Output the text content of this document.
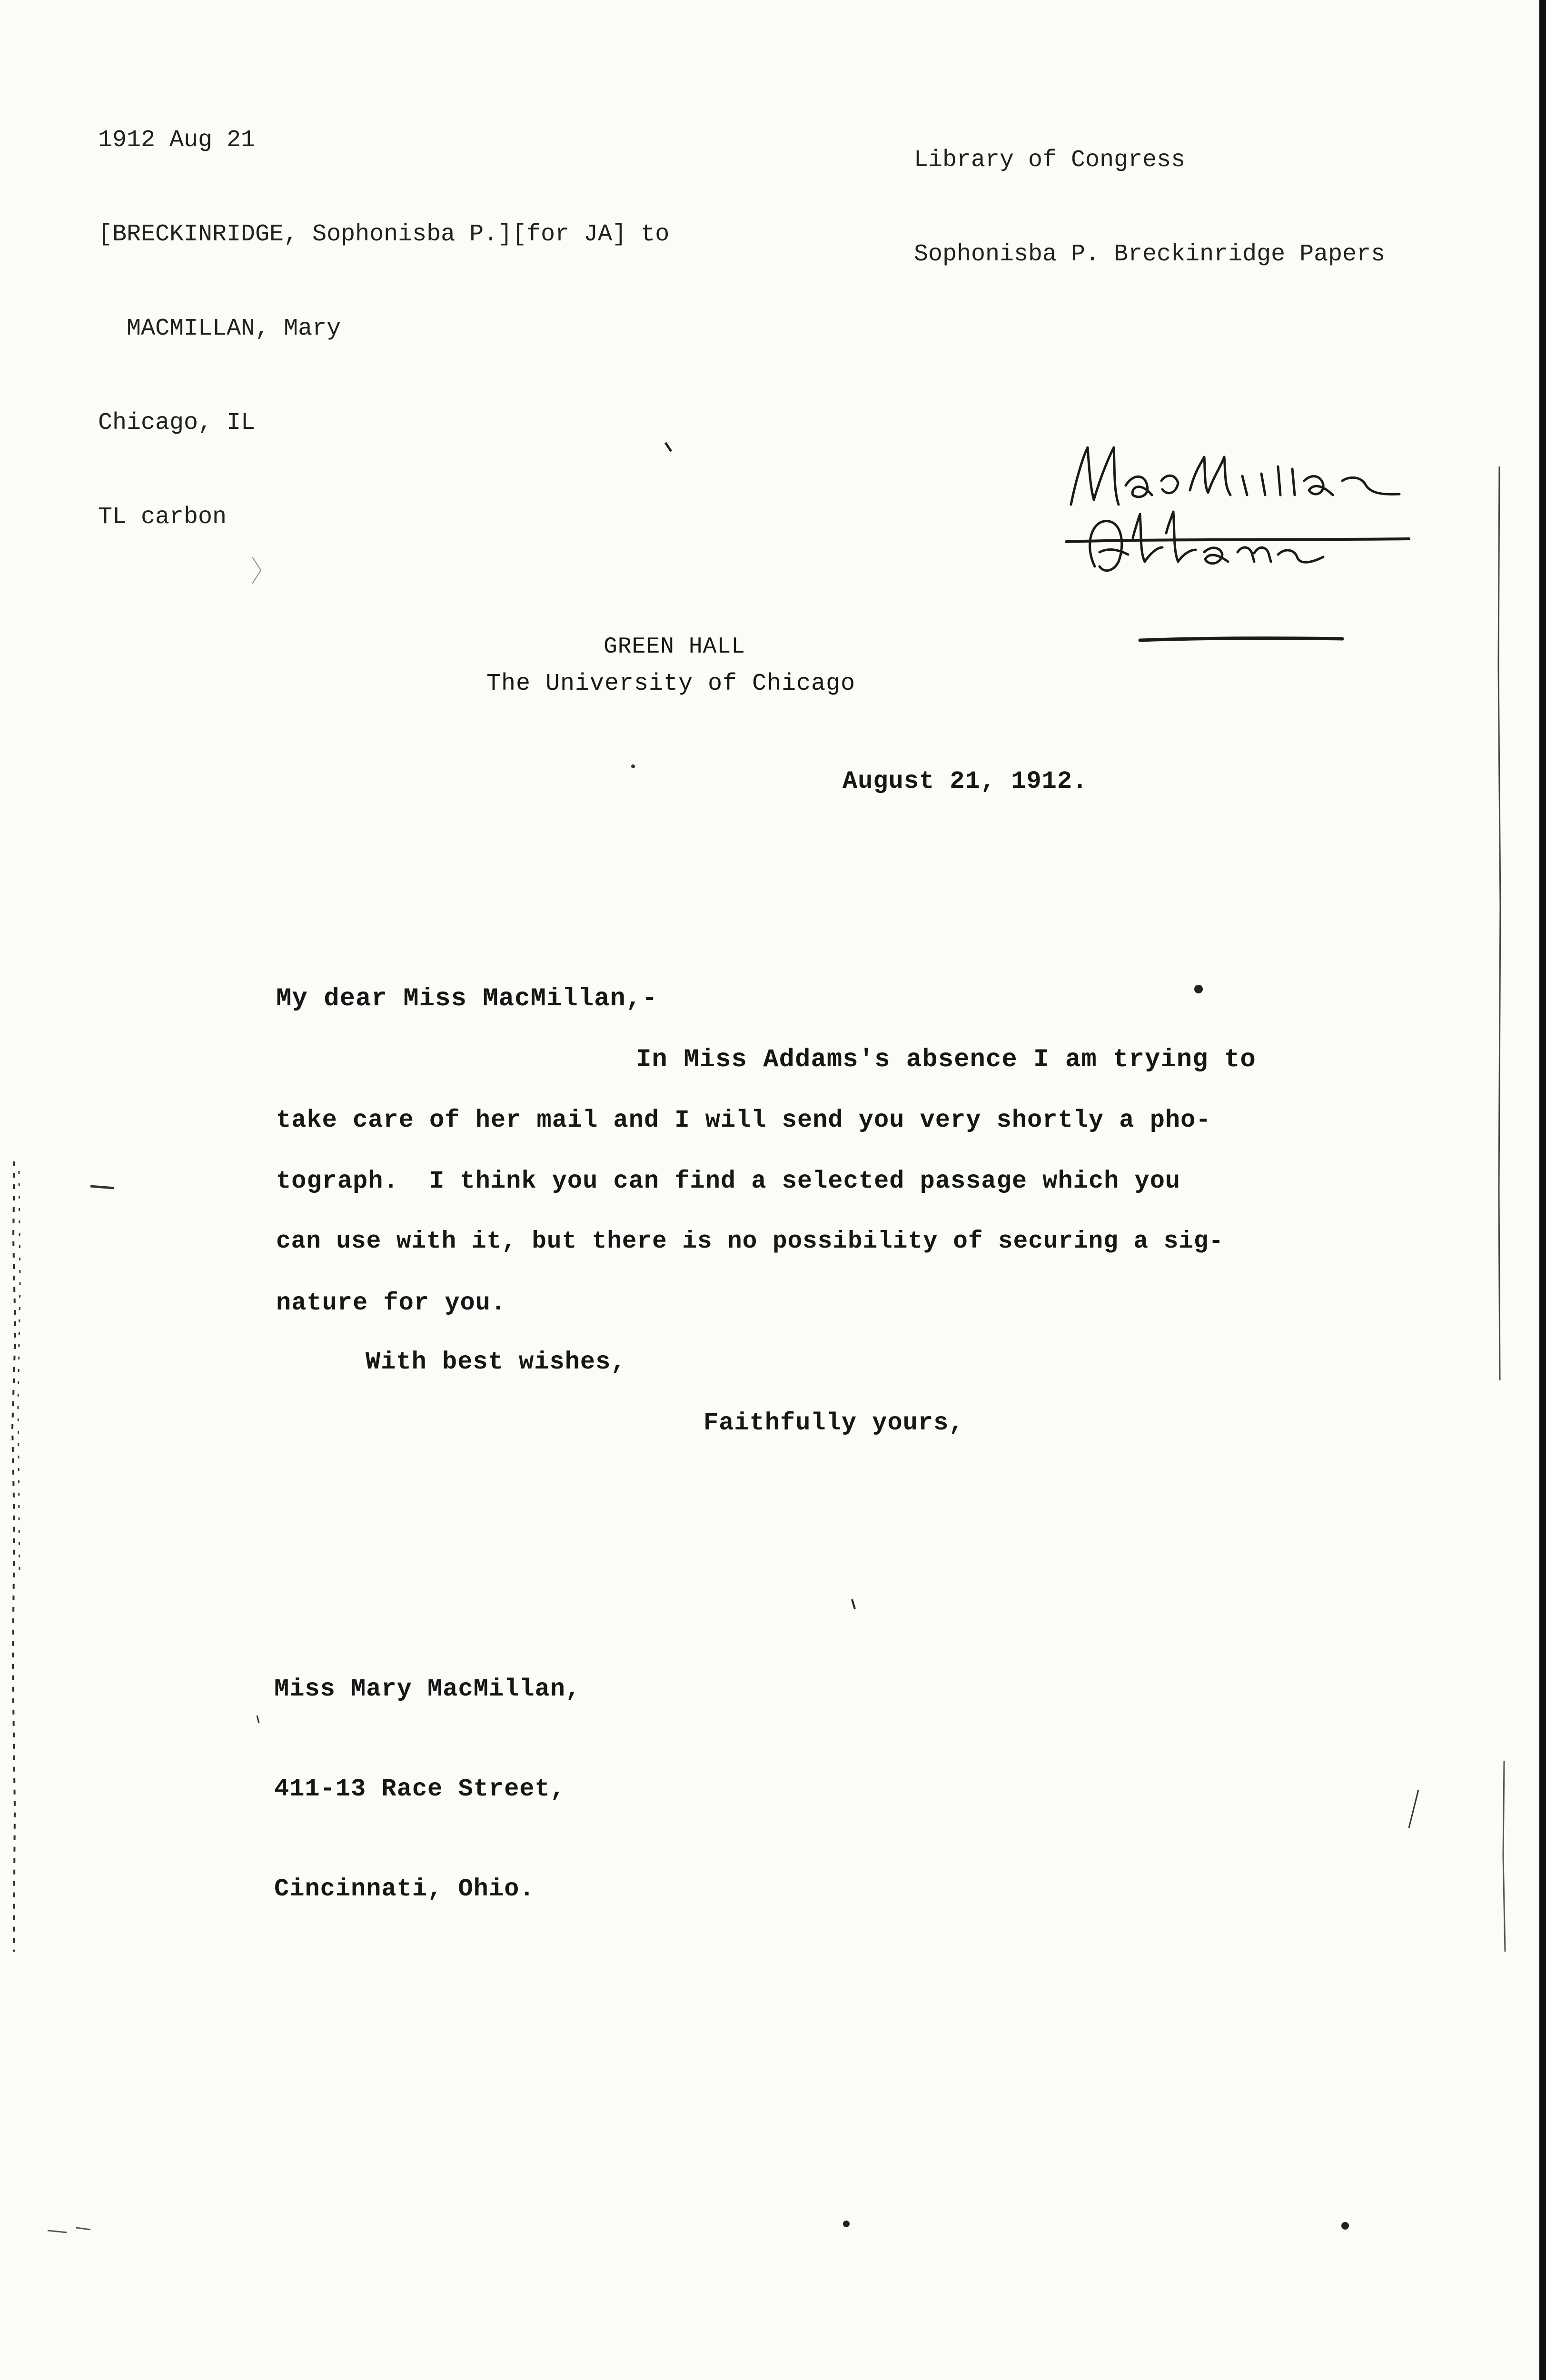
1912 Aug 21

[BRECKINRIDGE, Sophonisba P.][for JA] to

MACMILLAN, Mary

Chicago, IL

TL carbon

Library of Congress

Sophonisba P. Breckinridge Papers

GREEN HALL
The University of Chicago
August 21, 1912.
My dear Miss MacMillan,-
In Miss Addams's absence I am trying to
take care of her mail and I will send you very shortly a pho-
tograph.  I think you can find a selected passage which you
can use with it, but there is no possibility of securing a sig-
nature for you.
With best wishes,
Faithfully yours,

Miss Mary MacMillan,

411-13 Race Street,

Cincinnati, Ohio.
